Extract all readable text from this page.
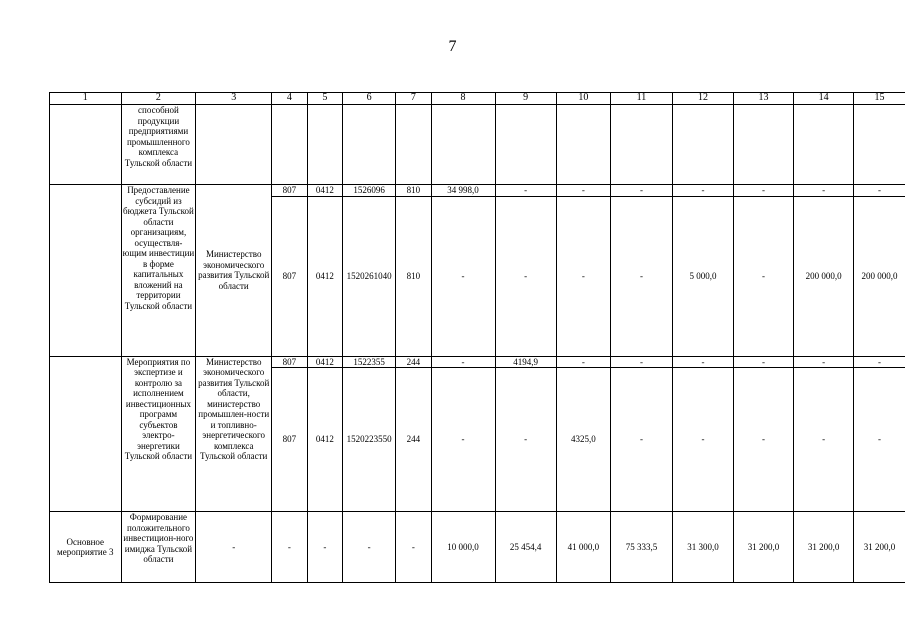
7
1	2	3	4	5	6	7	8	9	10	11	12	13	14	15
	способной продукции предприятиями промышленного комплекса Тульской области													
	Предоставление субсидий из бюджета Тульской области организациям, осуществля-ющим инвестиции в форме капитальных вложений на территории Тульской области	Министерство экономического развития Тульской области	807	0412	1526096	810	34 998,0	-	-	-	-	-	-	-
			807	0412	1520261040	810	-	-	-	-	5 000,0	-	200 000,0	200 000,0
	Мероприятия по экспертизе и контролю за исполнением инвестиционных программ субъектов электро-энергетики Тульской области	Министерство экономического развития Тульской области, министерство промышлен-ности и топливно-энергетического комплекса Тульской области	807	0412	1522355	244	-	4194,9	-	-	-	-	-	-
			807	0412	1520223550	244	-	-	4325,0	-	-	-	-	-
Основное мероприятие 3	Формирование положительного инвестицион-ного имиджа Тульской области	-	-	-	-	-	10 000,0	25 454,4	41 000,0	75 333,5	31 300,0	31 200,0	31 200,0	31 200,0
